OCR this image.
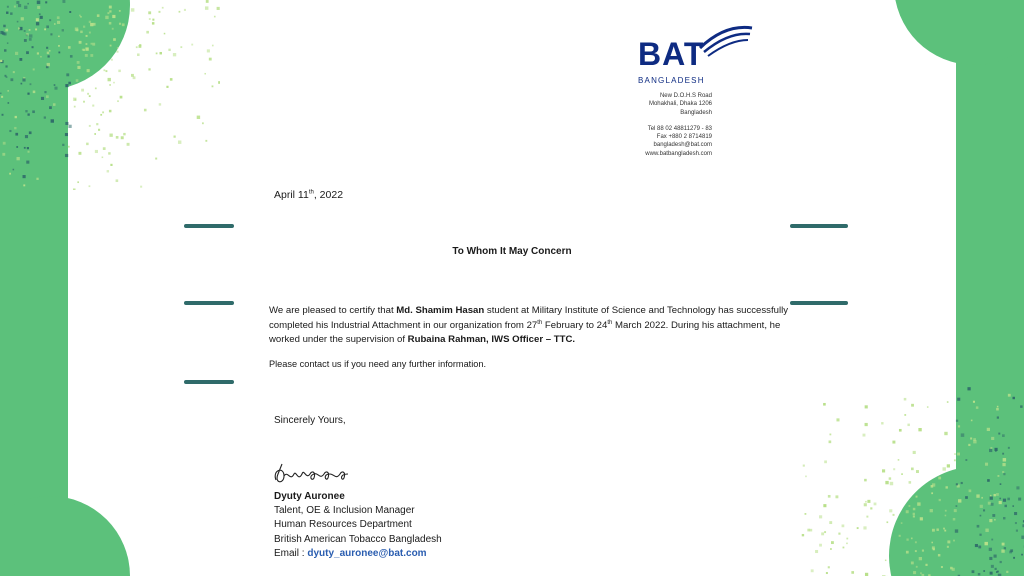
BAT
BANGLADESH
New D.O.H.S Road
Mohakhali, Dhaka 1206
Bangladesh
Tel 88 02 48811279 - 83
Fax +880 2 8714819
bangladesh@bat.com
www.batbangladesh.com
April 11th, 2022
To Whom It May Concern
We are pleased to certify that Md. Shamim Hasan student at Military Institute of Science and Technology has successfully completed his Industrial Attachment in our organization from 27th February to 24th March 2022. During his attachment, he worked under the supervision of Rubaina Rahman, IWS Officer – TTC.
Please contact us if you need any further information.
Sincerely Yours,
Dyuty Auronee
Talent, OE & Inclusion Manager
Human Resources Department
British American Tobacco Bangladesh
Email : dyuty_auronee@bat.com
